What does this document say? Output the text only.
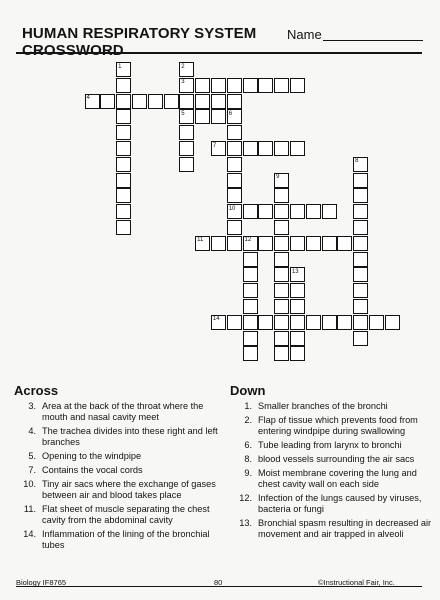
HUMAN RESPIRATORY SYSTEM CROSSWORD
Name
1	2
3
4
5	6
7
8
9
10
11	12
13
14
Across
3. Area at the back of the throat where the mouth and nasal cavity meet
4. The trachea divides into these right and left branches
5. Opening to the windpipe
7. Contains the vocal cords
10. Tiny air sacs where the exchange of gases between air and blood takes place
11. Flat sheet of muscle separating the chest cavity from the abdominal cavity
14. Inflammation of the lining of the bronchial tubes
Down
1. Smaller branches of the bronchi
2. Flap of tissue which prevents food from entering windpipe during swallowing
6. Tube leading from larynx to bronchi
8. blood vessels surrounding the air sacs
9. Moist membrane covering the lung and chest cavity wall on each side
12. Infection of the lungs caused by viruses, bacteria or fungi
13. Bronchial spasm resulting in decreased air movement and air trapped in alveoli
Biology IF8765	80	©Instructional Fair, Inc.
